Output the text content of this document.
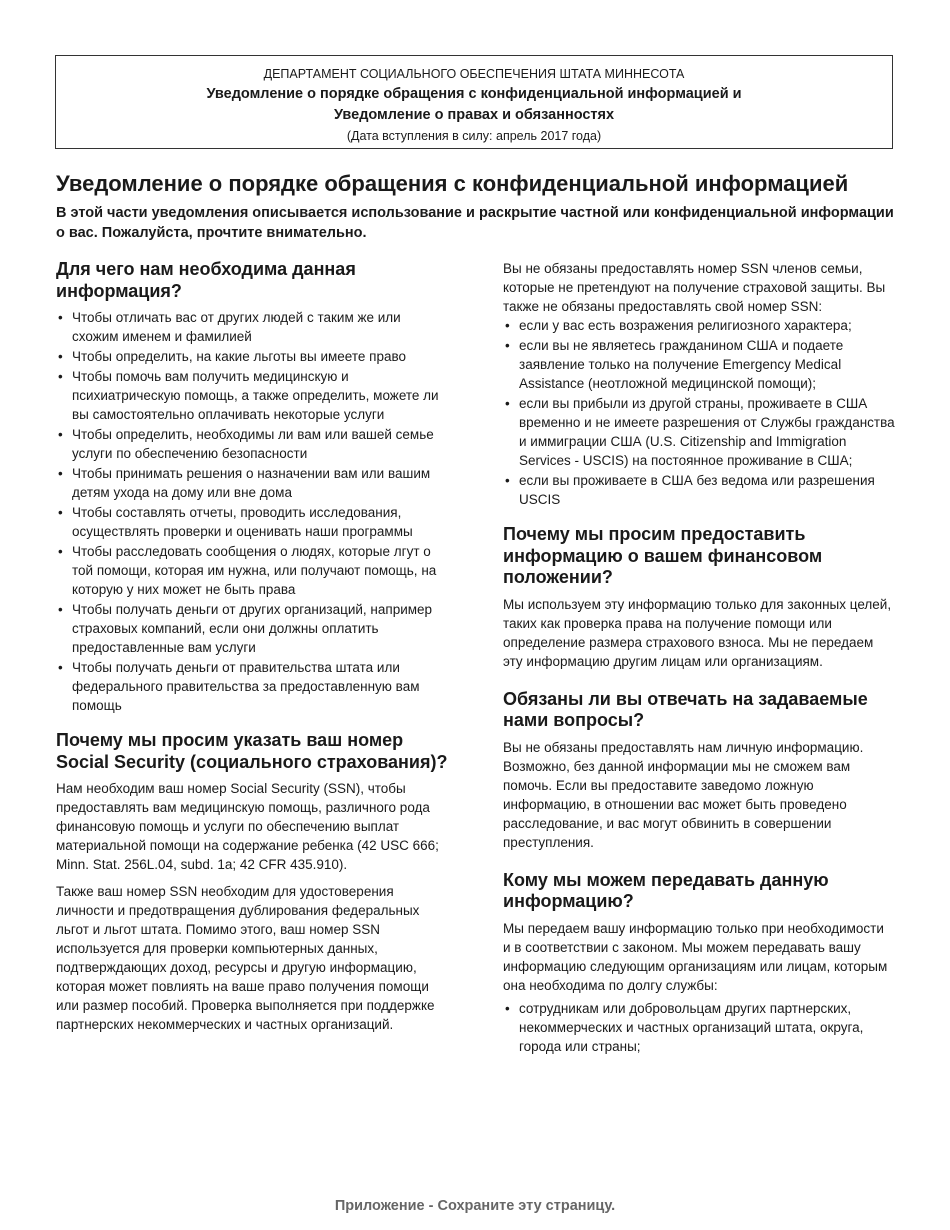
ДЕПАРТАМЕНТ СОЦИАЛЬНОГО ОБЕСПЕЧЕНИЯ ШТАТА МИННЕСОТА
Уведомление о порядке обращения с конфиденциальной информацией и
Уведомление о правах и обязанностях
(Дата вступления в силу: апрель 2017 года)
Уведомление о порядке обращения с конфиденциальной информацией

В этой части уведомления описывается использование и раскрытие частной или конфиденциальной информации о вас. Пожалуйста, прочтите внимательно.

Для чего нам необходима данная информация?
• Чтобы отличать вас от других людей с таким же или схожим именем и фамилией
• Чтобы определить, на какие льготы вы имеете право
• Чтобы помочь вам получить медицинскую и психиатрическую помощь, а также определить, можете ли вы самостоятельно оплачивать некоторые услуги
• Чтобы определить, необходимы ли вам или вашей семье услуги по обеспечению безопасности
• Чтобы принимать решения о назначении вам или вашим детям ухода на дому или вне дома
• Чтобы составлять отчеты, проводить исследования, осуществлять проверки и оценивать наши программы
• Чтобы расследовать сообщения о людях, которые лгут о той помощи, которая им нужна, или получают помощь, на которую у них может не быть права
• Чтобы получать деньги от других организаций, например страховых компаний, если они должны оплатить предоставленные вам услуги
• Чтобы получать деньги от правительства штата или федерального правительства за предоставленную вам помощь
Почему мы просим указать ваш номер Social Security (социального страхования)?

Нам необходим ваш номер Social Security (SSN), чтобы предоставлять вам медицинскую помощь, различного рода финансовую помощь и услуги по обеспечению выплат материальной помощи на содержание ребенка (42 USC 666; Minn. Stat. 256L.04, subd. 1a; 42 CFR 435.910).

Также ваш номер SSN необходим для удостоверения личности и предотвращения дублирования федеральных льгот и льгот штата. Помимо этого, ваш номер SSN используется для проверки компьютерных данных, подтверждающих доход, ресурсы и другую информацию, которая может повлиять на ваше право получения помощи или размер пособий. Проверка выполняется при поддержке партнерских некоммерческих и частных организаций.

Вы не обязаны предоставлять номер SSN членов семьи, которые не претендуют на получение страховой защиты. Вы также не обязаны предоставлять свой номер SSN:

• если у вас есть возражения религиозного характера;
• если вы не являетесь гражданином США и подаете заявление только на получение Emergency Medical Assistance (неотложной медицинской помощи);
• если вы прибыли из другой страны, проживаете в США временно и не имеете разрешения от Службы гражданства и иммиграции США (U.S. Citizenship and Immigration Services - USCIS) на постоянное проживание в США;
• если вы проживаете в США без ведома или разрешения USCIS
Почему мы просим предоставить информацию о вашем финансовом положении?

Мы используем эту информацию только для законных целей, таких как проверка права на получение помощи или определение размера страхового взноса. Мы не передаем эту информацию другим лицам или организациям.

Обязаны ли вы отвечать на задаваемые нами вопросы?

Вы не обязаны предоставлять нам личную информацию. Возможно, без данной информации мы не сможем вам помочь. Если вы предоставите заведомо ложную информацию, в отношении вас может быть проведено расследование, и вас могут обвинить в совершении преступления.

Кому мы можем передавать данную информацию?

Мы передаем вашу информацию только при необходимости и в соответствии с законом. Мы можем передавать вашу информацию следующим организациям или лицам, которым она необходима по долгу службы:

• сотрудникам или добровольцам других партнерских, некоммерческих и частных организаций штата, округа, города или страны;
Приложение - Сохраните эту страницу.
